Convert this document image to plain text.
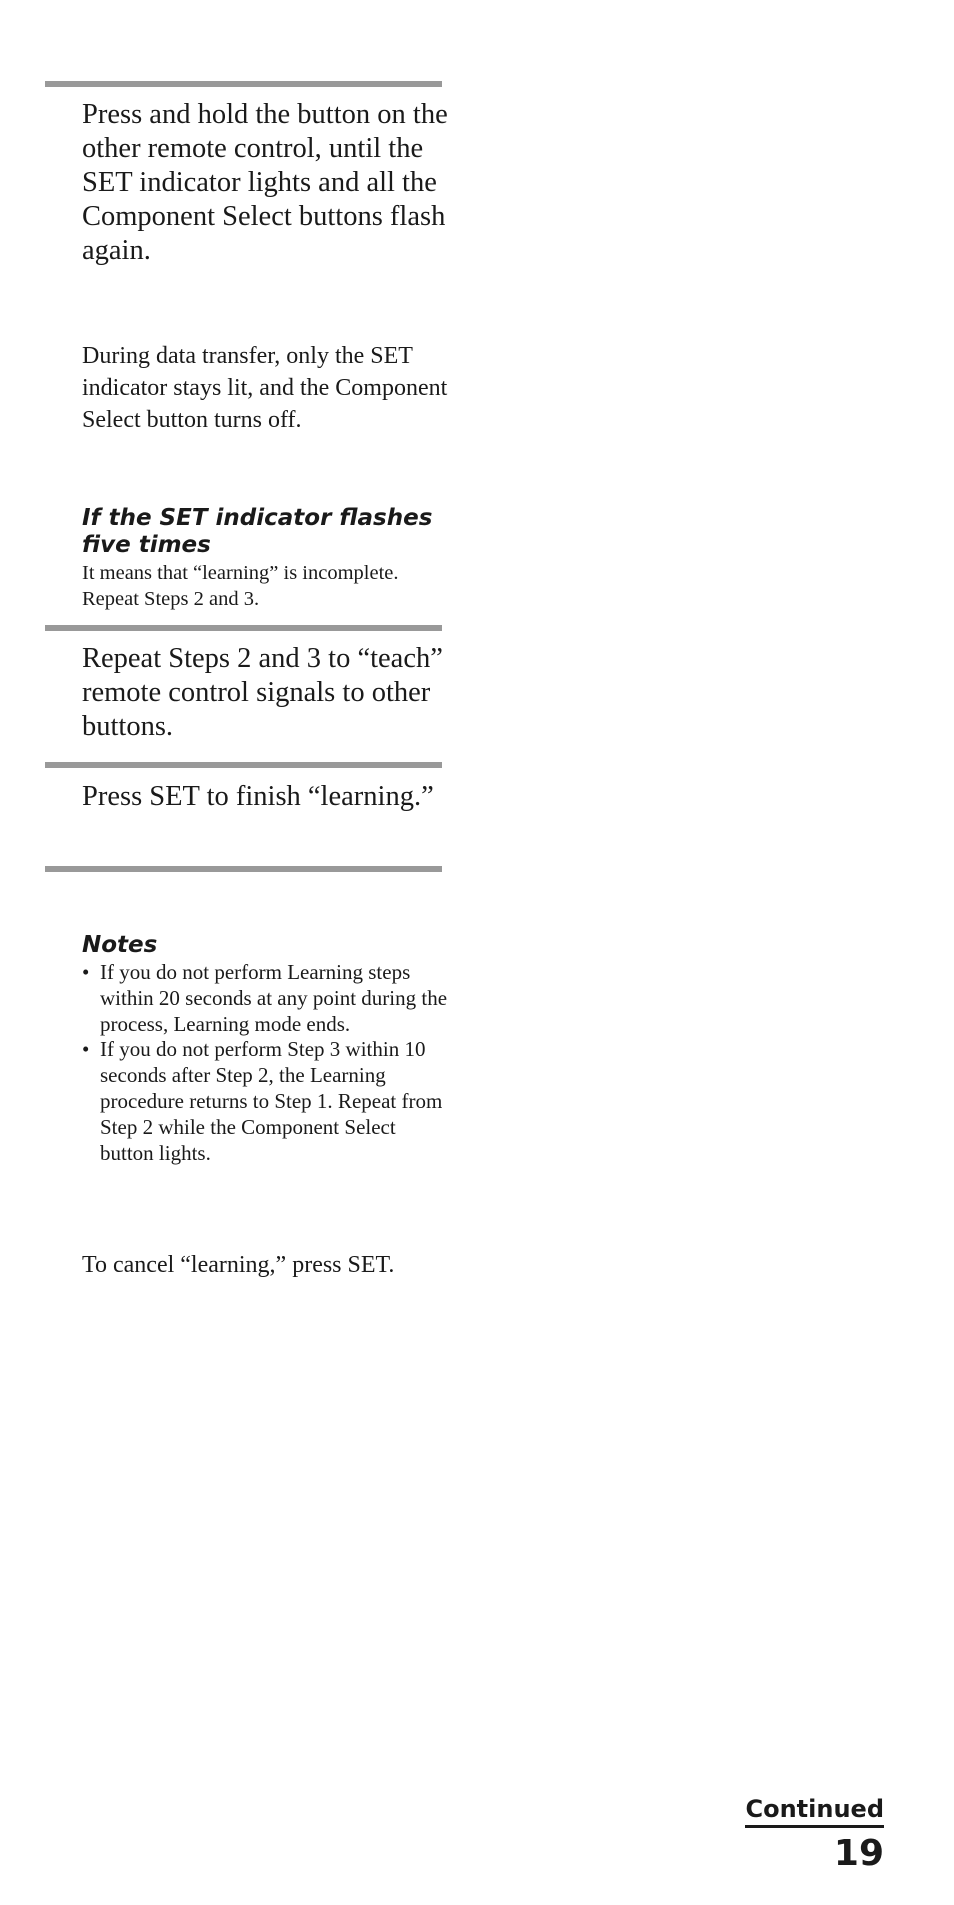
Press and hold the button on the other remote control, until the SET indicator lights and all the Component Select buttons flash again.

During data transfer, only the SET indicator stays lit, and the Component Select button turns off.

If the SET indicator flashes five times

It means that “learning” is incomplete. Repeat Steps 2 and 3.

Repeat Steps 2 and 3 to “teach” remote control signals to other buttons.

Press SET to finish “learning.”

Notes
• If you do not perform Learning steps within 20 seconds at any point during the process, Learning mode ends.
• If you do not perform Step 3 within 10 seconds after Step 2, the Learning procedure returns to Step 1. Repeat from Step 2 while the Component Select button lights.

To cancel “learning,” press SET.

Continued
19
